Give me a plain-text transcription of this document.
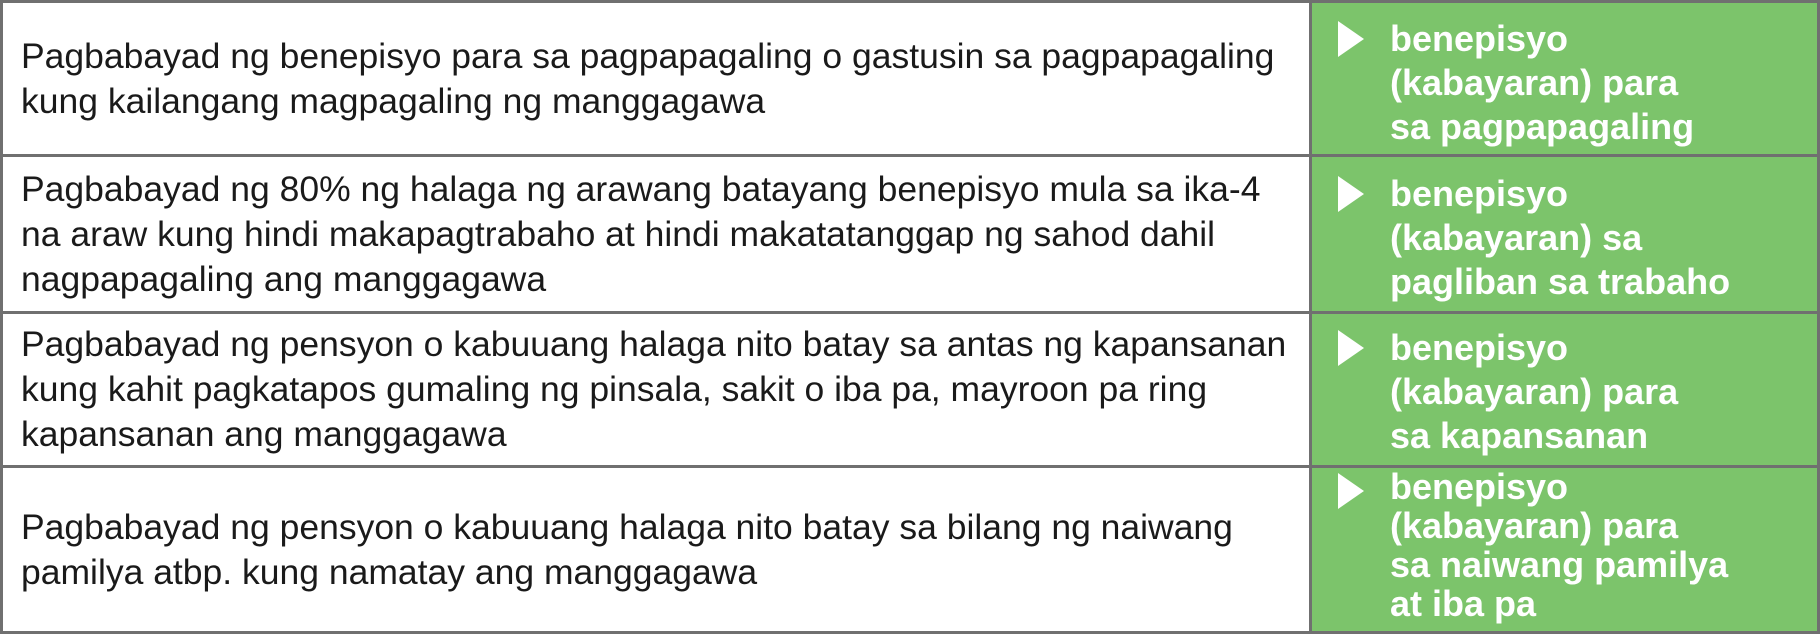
Pagbabayad ng benepisyo para sa pagpapagaling o gastusin sa pagpapagaling kung kailangang magpagaling ng manggagawa
benepisyo
(kabayaran) para
sa pagpapagaling
Pagbabayad ng 80% ng halaga ng arawang batayang benepisyo mula sa ika-4 na araw kung hindi makapagtrabaho at hindi makatatanggap ng sahod dahil nagpapagaling ang manggagawa
benepisyo
(kabayaran) sa
pagliban sa trabaho
Pagbabayad ng pensyon o kabuuang halaga nito batay sa antas ng kapansanan kung kahit pagkatapos gumaling ng pinsala, sakit o iba pa, mayroon pa ring kapansanan ang manggagawa
benepisyo
(kabayaran) para
sa kapansanan
Pagbabayad ng pensyon o kabuuang halaga nito batay sa bilang ng naiwang pamilya atbp. kung namatay ang manggagawa
benepisyo
(kabayaran) para
sa naiwang pamilya
at iba pa
